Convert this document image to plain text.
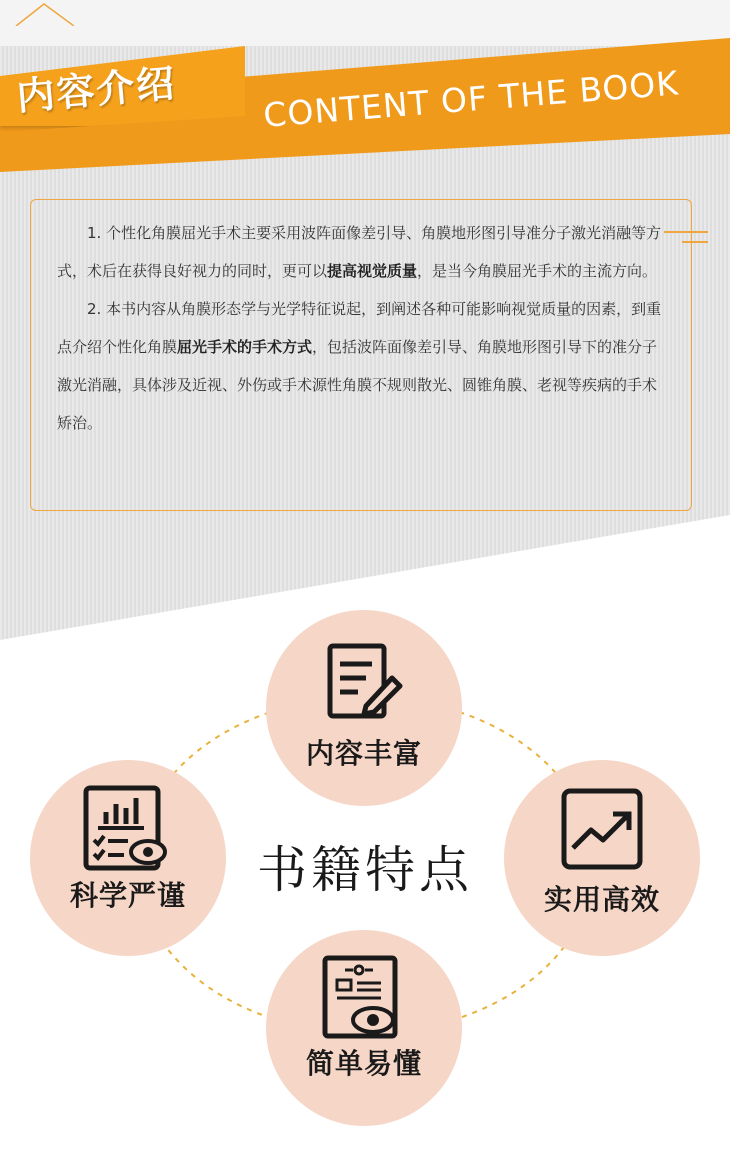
内容介绍	CONTENT OF THE BOOK

1. 个性化角膜屈光手术主要采用波阵面像差引导、角膜地形图引导准分子激光消融等方式，术后在获得良好视力的同时，更可以提高视觉质量，是当今角膜屈光手术的主流方向。

2. 本书内容从角膜形态学与光学特征说起，到阐述各种可能影响视觉质量的因素，到重点介绍个性化角膜屈光手术的手术方式，包括波阵面像差引导、角膜地形图引导下的准分子激光消融，具体涉及近视、外伤或手术源性角膜不规则散光、圆锥角膜、老视等疾病的手术矫治。

内容丰富
科学严谨	实用高效
简单易懂
书籍特点
